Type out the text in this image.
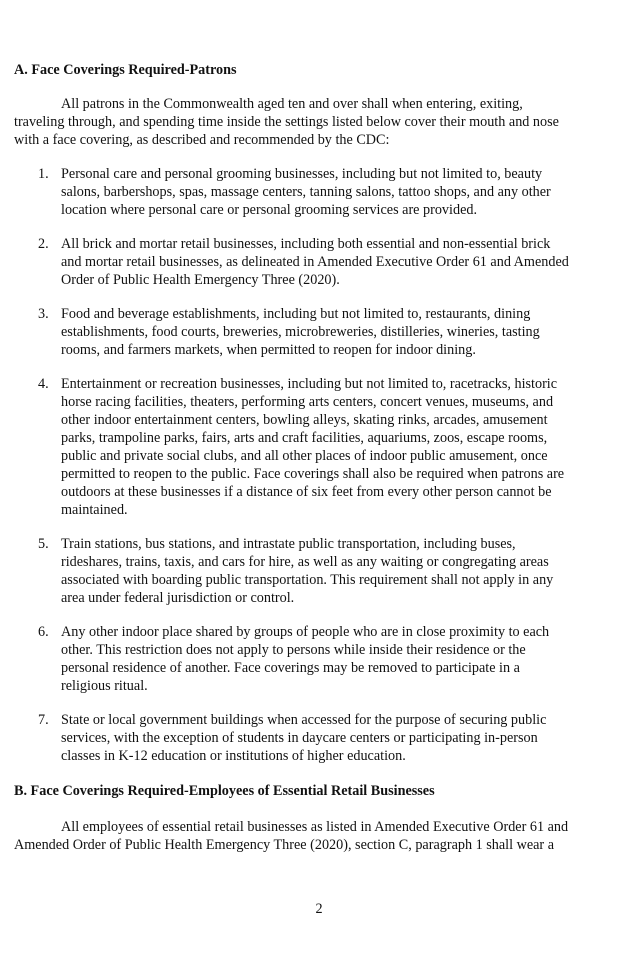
A. Face Coverings Required-Patrons
All patrons in the Commonwealth aged ten and over shall when entering, exiting,
traveling through, and spending time inside the settings listed below cover their mouth and nose
with a face covering, as described and recommended by the CDC:
1. Personal care and personal grooming businesses, including but not limited to, beauty
salons, barbershops, spas, massage centers, tanning salons, tattoo shops, and any other
location where personal care or personal grooming services are provided.
2. All brick and mortar retail businesses, including both essential and non-essential brick
and mortar retail businesses, as delineated in Amended Executive Order 61 and Amended
Order of Public Health Emergency Three (2020).
3. Food and beverage establishments, including but not limited to, restaurants, dining
establishments, food courts, breweries, microbreweries, distilleries, wineries, tasting
rooms, and farmers markets, when permitted to reopen for indoor dining.
4. Entertainment or recreation businesses, including but not limited to, racetracks, historic
horse racing facilities, theaters, performing arts centers, concert venues, museums, and
other indoor entertainment centers, bowling alleys, skating rinks, arcades, amusement
parks, trampoline parks, fairs, arts and craft facilities, aquariums, zoos, escape rooms,
public and private social clubs, and all other places of indoor public amusement, once
permitted to reopen to the public. Face coverings shall also be required when patrons are
outdoors at these businesses if a distance of six feet from every other person cannot be
maintained.
5. Train stations, bus stations, and intrastate public transportation, including buses,
rideshares, trains, taxis, and cars for hire, as well as any waiting or congregating areas
associated with boarding public transportation. This requirement shall not apply in any
area under federal jurisdiction or control.
6. Any other indoor place shared by groups of people who are in close proximity to each
other. This restriction does not apply to persons while inside their residence or the
personal residence of another. Face coverings may be removed to participate in a
religious ritual.
7. State or local government buildings when accessed for the purpose of securing public
services, with the exception of students in daycare centers or participating in-person
classes in K-12 education or institutions of higher education.
B. Face Coverings Required-Employees of Essential Retail Businesses
All employees of essential retail businesses as listed in Amended Executive Order 61 and
Amended Order of Public Health Emergency Three (2020), section C, paragraph 1 shall wear a
2
